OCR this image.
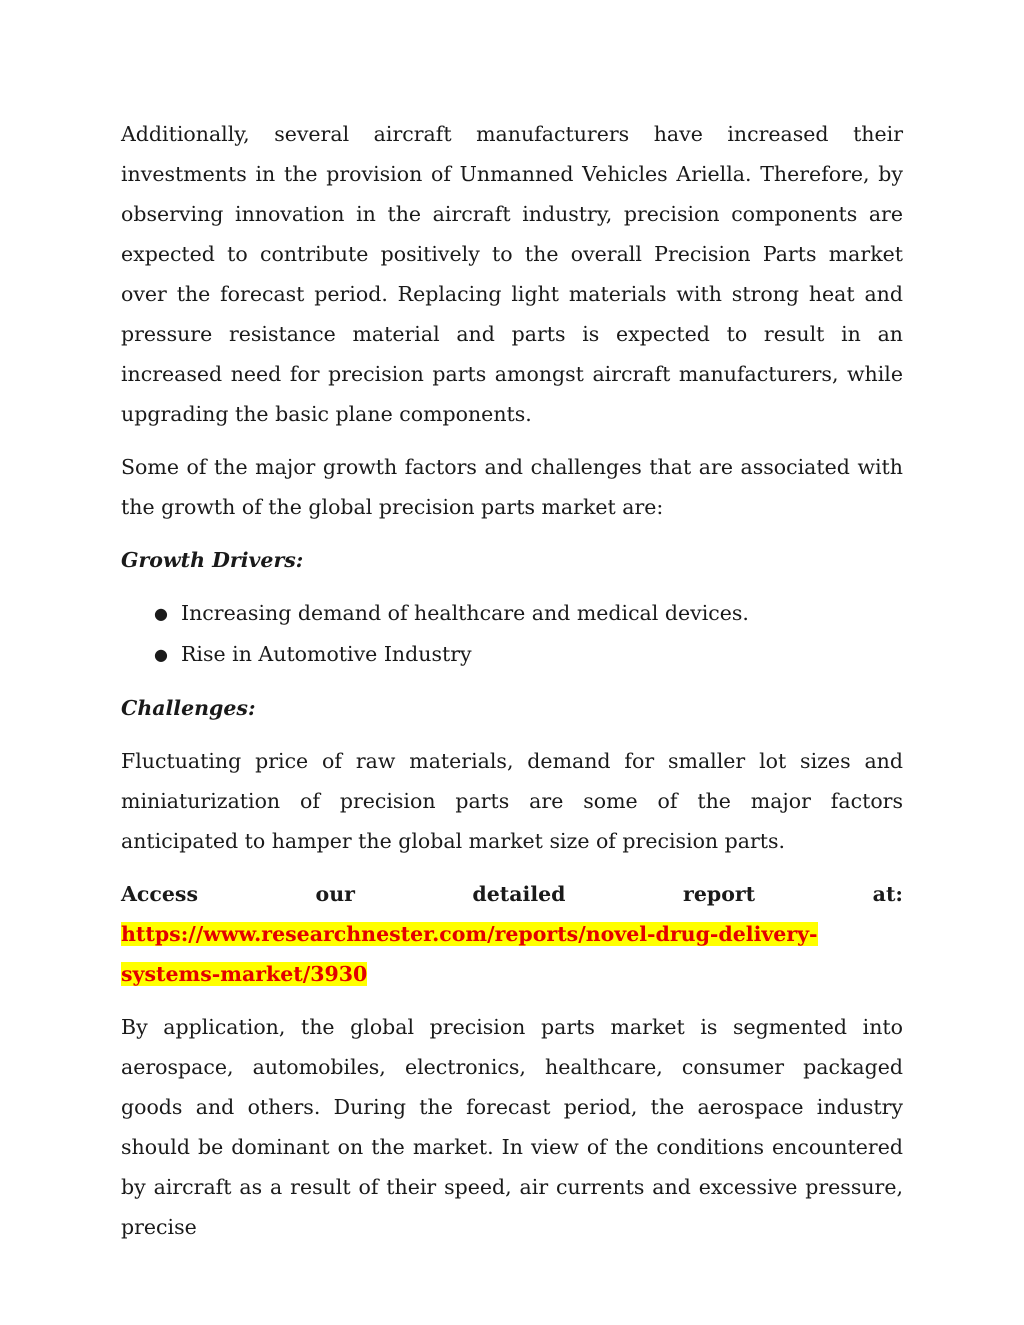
Additionally, several aircraft manufacturers have increased their investments in the provision of Unmanned Vehicles Ariella. Therefore, by observing innovation in the aircraft industry, precision components are expected to contribute positively to the overall Precision Parts market over the forecast period. Replacing light materials with strong heat and pressure resistance material and parts is expected to result in an increased need for precision parts amongst aircraft manufacturers, while upgrading the basic plane components.

Some of the major growth factors and challenges that are associated with the growth of the global precision parts market are:

Growth Drivers:
● Increasing demand of healthcare and medical devices.
● Rise in Automotive Industry
Challenges:

Fluctuating price of raw materials, demand for smaller lot sizes and miniaturization of precision parts are some of the major factors anticipated to hamper the global market size of precision parts.

Access	our	detailed	report	at:
https://www.researchnester.com/reports/novel-drug-delivery-
systems-market/3930

By application, the global precision parts market is segmented into aerospace, automobiles, electronics, healthcare, consumer packaged goods and others. During the forecast period, the aerospace industry should be dominant on the market. In view of the conditions encountered by aircraft as a result of their speed, air currents and excessive pressure, precise
